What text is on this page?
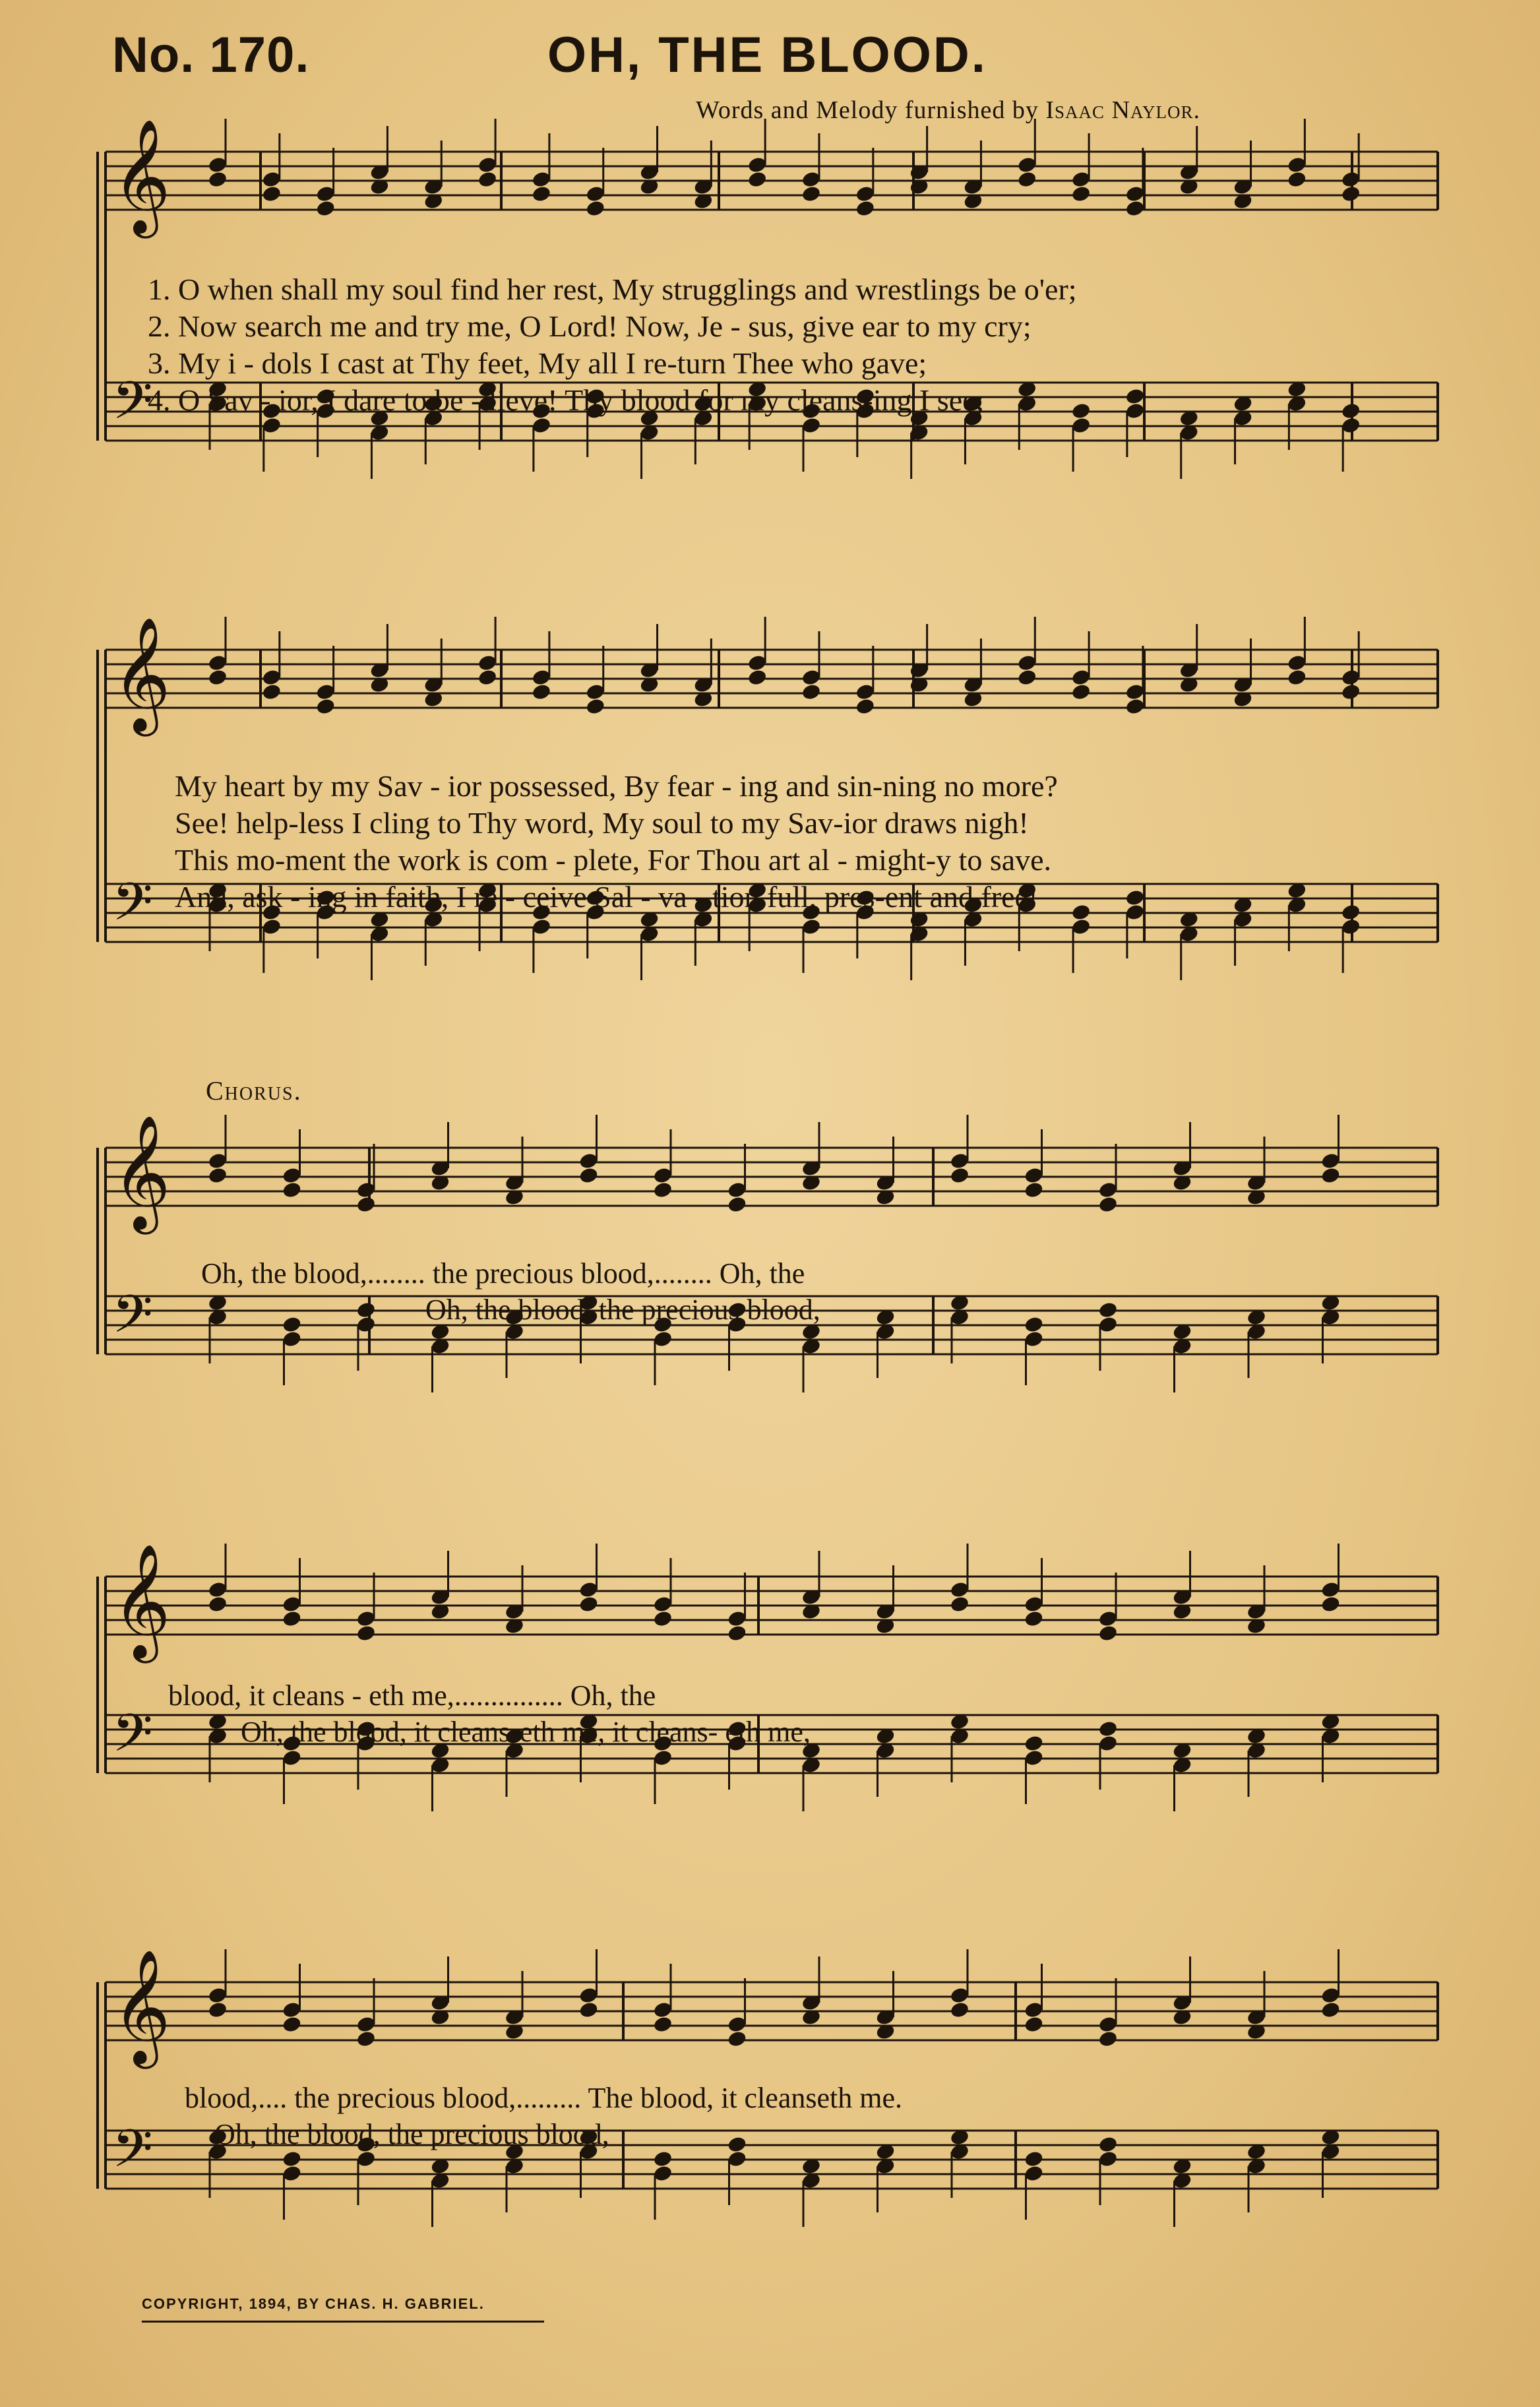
No. 170.	OH, THE BLOOD.
Words and Melody furnished by Isaac Naylor.
𝄞
𝄢
𝄞
𝄢
𝄞
𝄢
𝄞
𝄢
𝄞
𝄢
1. O when shall my soul find her rest, My strugglings and wrestlings be o'er;
2. Now search me and try me, O Lord! Now, Je - sus, give ear to my cry;
3. My i - dols I cast at Thy feet, My all I re-turn Thee who gave;
4. O Sav - ior, I dare to be - lieve! Thy blood for my cleans-ing I see;
My heart by my Sav - ior possessed, By fear - ing and sin-ning no more?
See! help-less I cling to Thy word, My soul to my Sav-ior draws nigh!
This mo-ment the work is com - plete, For Thou art al - might-y to save.
And, ask - ing in faith, I re - ceive Sal - va - tion full, pres-ent and free!
Chorus.
Oh, the blood,........ the precious blood,........ Oh, the
Oh, the blood, the precious blood,
blood, it cleans - eth me,............... Oh, the
Oh, the blood, it cleans-eth me, it cleans- eth me,
blood,.... the precious blood,......... The blood, it cleanseth me.
Oh, the blood, the precious blood,
COPYRIGHT, 1894, BY CHAS. H. GABRIEL.
